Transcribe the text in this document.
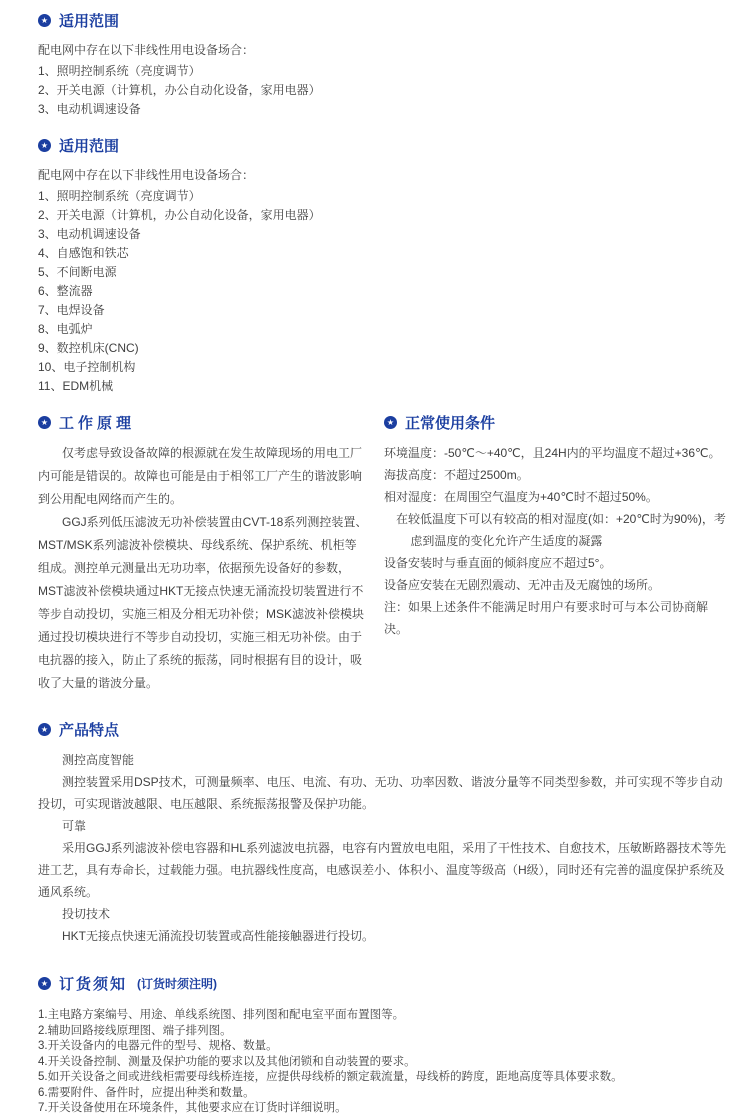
★ 适用范围
配电网中存在以下非线性用电设备场合：
1、照明控制系统（亮度调节）
2、开关电源（计算机，办公自动化设备，家用电器）
3、电动机调速设备
★ 适用范围
配电网中存在以下非线性用电设备场合：
1、照明控制系统（亮度调节）
2、开关电源（计算机，办公自动化设备，家用电器）
3、电动机调速设备
4、自感饱和铁芯
5、不间断电源
6、整流器
7、电焊设备
8、电弧炉
9、数控机床(CNC)
10、电子控制机构
11、EDM机械
★ 工作原理

仅考虑导致设备故障的根源就在发生故障现场的用电工厂内可能是错误的。故障也可能是由于相邻工厂产生的谐波影响到公用配电网络而产生的。

GGJ系列低压滤波无功补偿装置由CVT-18系列测控装置、MST/MSK系列滤波补偿模块、母线系统、保护系统、机柜等组成。测控单元测量出无功功率，依据预先设备好的参数，MST滤波补偿模块通过HKT无接点快速无涌流投切装置进行不等步自动投切，实施三相及分相无功补偿；MSK滤波补偿模块通过投切模块进行不等步自动投切，实施三相无功补偿。由于电抗器的接入，防止了系统的振荡，同时根据有目的设计，吸收了大量的谐波分量。

★ 正常使用条件
环境温度：-50℃～+40℃，且24H内的平均温度不超过+36℃。
海拔高度：不超过2500m。
相对湿度：在周围空气温度为+40℃时不超过50%。
在较低温度下可以有较高的相对湿度(如：+20℃时为90%)，考虑到温度的变化允许产生适度的凝露
设备安装时与垂直面的倾斜度应不超过5°。
设备应安装在无剧烈震动、无冲击及无腐蚀的场所。
注：如果上述条件不能满足时用户有要求时可与本公司协商解决。
★ 产品特点
测控高度智能

测控装置采用DSP技术，可测量频率、电压、电流、有功、无功、功率因数、谐波分量等不同类型参数，并可实现不等步自动投切，可实现谐波越限、电压越限、系统振荡报警及保护功能。

可靠

采用GGJ系列滤波补偿电容器和HL系列滤波电抗器，电容有内置放电电阻，采用了干性技术、自愈技术，压敏断路器技术等先进工艺，具有寿命长，过载能力强。电抗器线性度高，电感误差小、体积小、温度等级高（H级），同时还有完善的温度保护系统及通风系统。

投切技术

HKT无接点快速无涌流投切装置或高性能接触器进行投切。

★ 订货须知 (订货时须注明)
1.主电路方案编号、用途、单线系统图、排列图和配电室平面布置图等。
2.辅助回路接线原理图、端子排列图。
3.开关设备内的电器元件的型号、规格、数量。
4.开关设备控制、测量及保护功能的要求以及其他闭锁和自动装置的要求。
5.如开关设备之间或进线柜需要母线桥连接，应提供母线桥的额定载流量，母线桥的跨度，距地高度等具体要求数。
6.需要附件、备件时，应提出种类和数量。
7.开关设备使用在环境条件，其他要求应在订货时详细说明。
